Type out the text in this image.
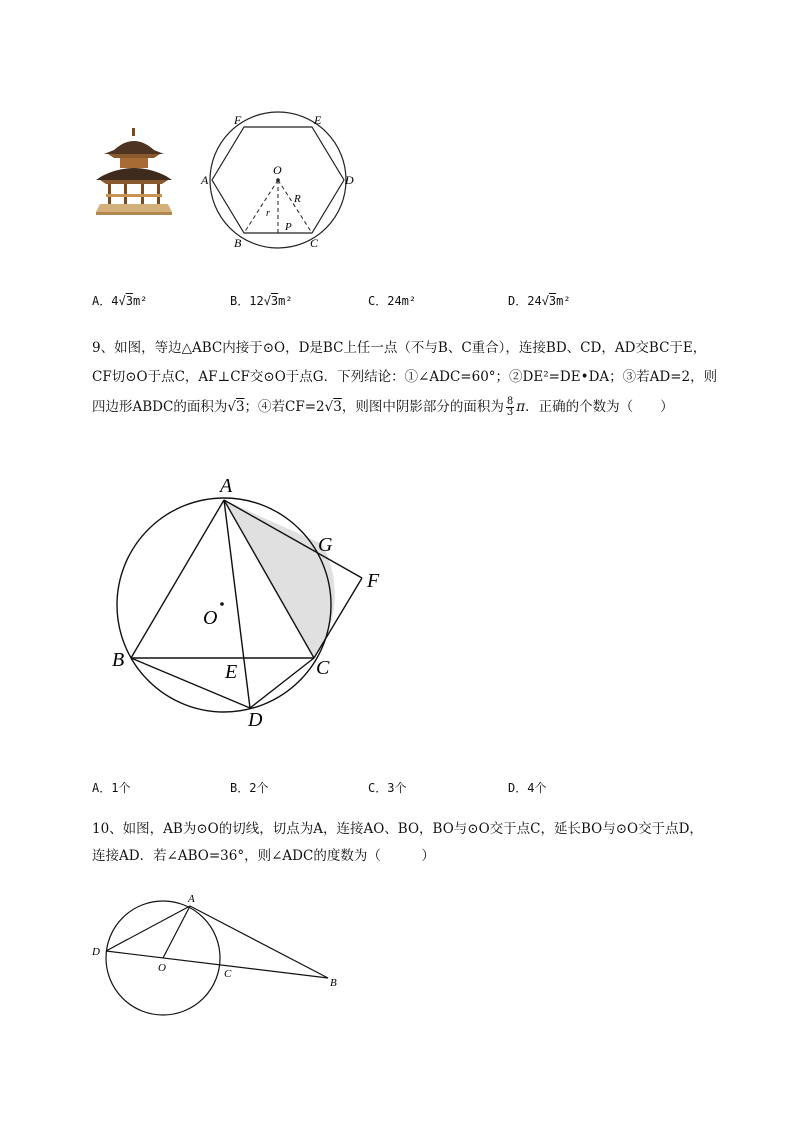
F	E
A	D
B	C
O
R
r
P
A．4√3m²	B．12√3m²	C．24m²	D．24√3m²
9、如图，等边△ABC内接于⊙O，D是BC上任一点（不与B、C重合），连接BD、CD，AD交BC于E，
CF切⊙O于点C，AF⊥CF交⊙O于点G．下列结论：①∠ADC=60°；②DE²=DE•DA；③若AD=2，则
四边形ABDC的面积为√3；④若CF=2√3，则图中阴影部分的面积为 $\frac{8}{3}$ π．正确的个数为（　　）
A
G
F
O
B	C
E
D
A．1个	B．2个	C．3个	D．4个
10、如图，AB为⊙O的切线，切点为A，连接AO、BO，BO与⊙O交于点C，延长BO与⊙O交于点D，
连接AD．若∠ABO=36°，则∠ADC的度数为（　　　）
A
D
O	C
B
